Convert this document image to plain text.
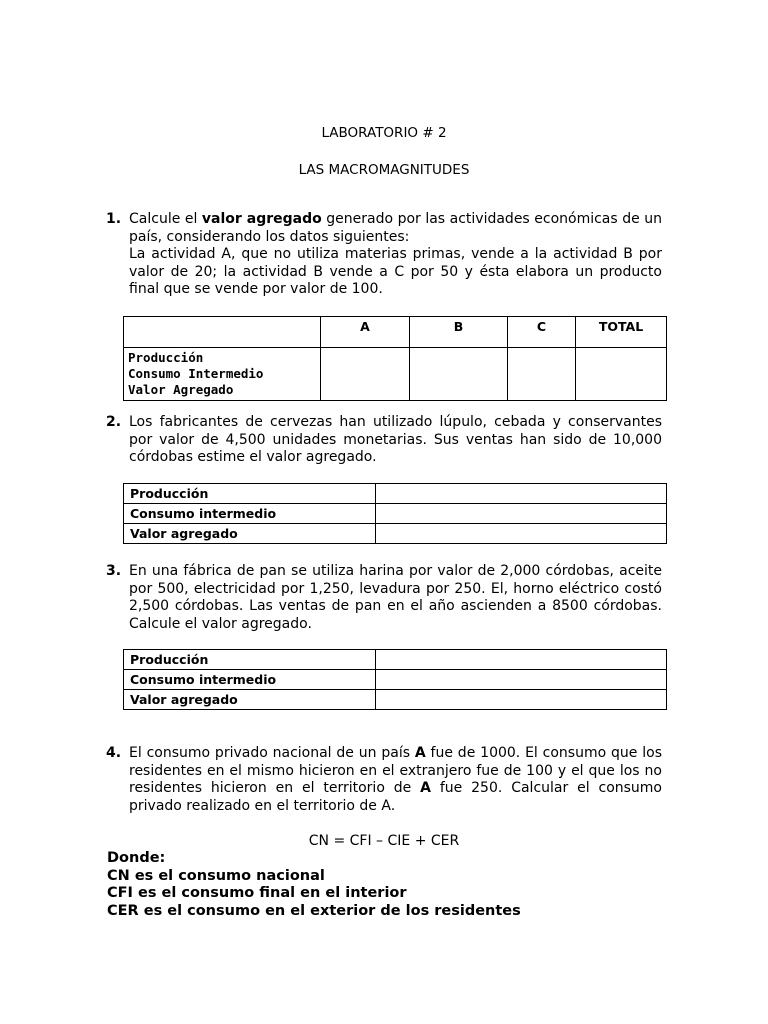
LABORATORIO # 2
LAS MACROMAGNITUDES
1. Calcule el valor agregado generado por las actividades económicas de un país, considerando los datos siguientes:

La actividad A, que no utiliza materias primas, vende a la actividad B por valor de 20; la actividad B vende a C por 50 y ésta elabora un producto final que se vende por valor de 100.

	A	B	C	TOTAL

Producción
Consumo Intermedio
Valor Agregado				

2. Los fabricantes de cervezas han utilizado lúpulo, cebada y conservantes por valor de 4,500 unidades monetarias. Sus ventas han sido de 10,000 córdobas estime el valor agregado.
Producción	
Consumo intermedio	
Valor agregado	
3. En una fábrica de pan se utiliza harina por valor de 2,000 córdobas, aceite por 500, electricidad por 1,250, levadura por 250. El, horno eléctrico costó 2,500 córdobas. Las ventas de pan en el año ascienden a 8500 córdobas. Calcule el valor agregado.
Producción	
Consumo intermedio	
Valor agregado	
4. El consumo privado nacional de un país A fue de 1000. El consumo que los residentes en el mismo hicieron en el extranjero fue de 100 y el que los no residentes hicieron en el territorio de A fue 250. Calcular el consumo privado realizado en el territorio de A.
CN = CFI – CIE + CER
Donde:
CN es el consumo nacional
CFI es el consumo final en el interior
CER es el consumo en el exterior de los residentes
